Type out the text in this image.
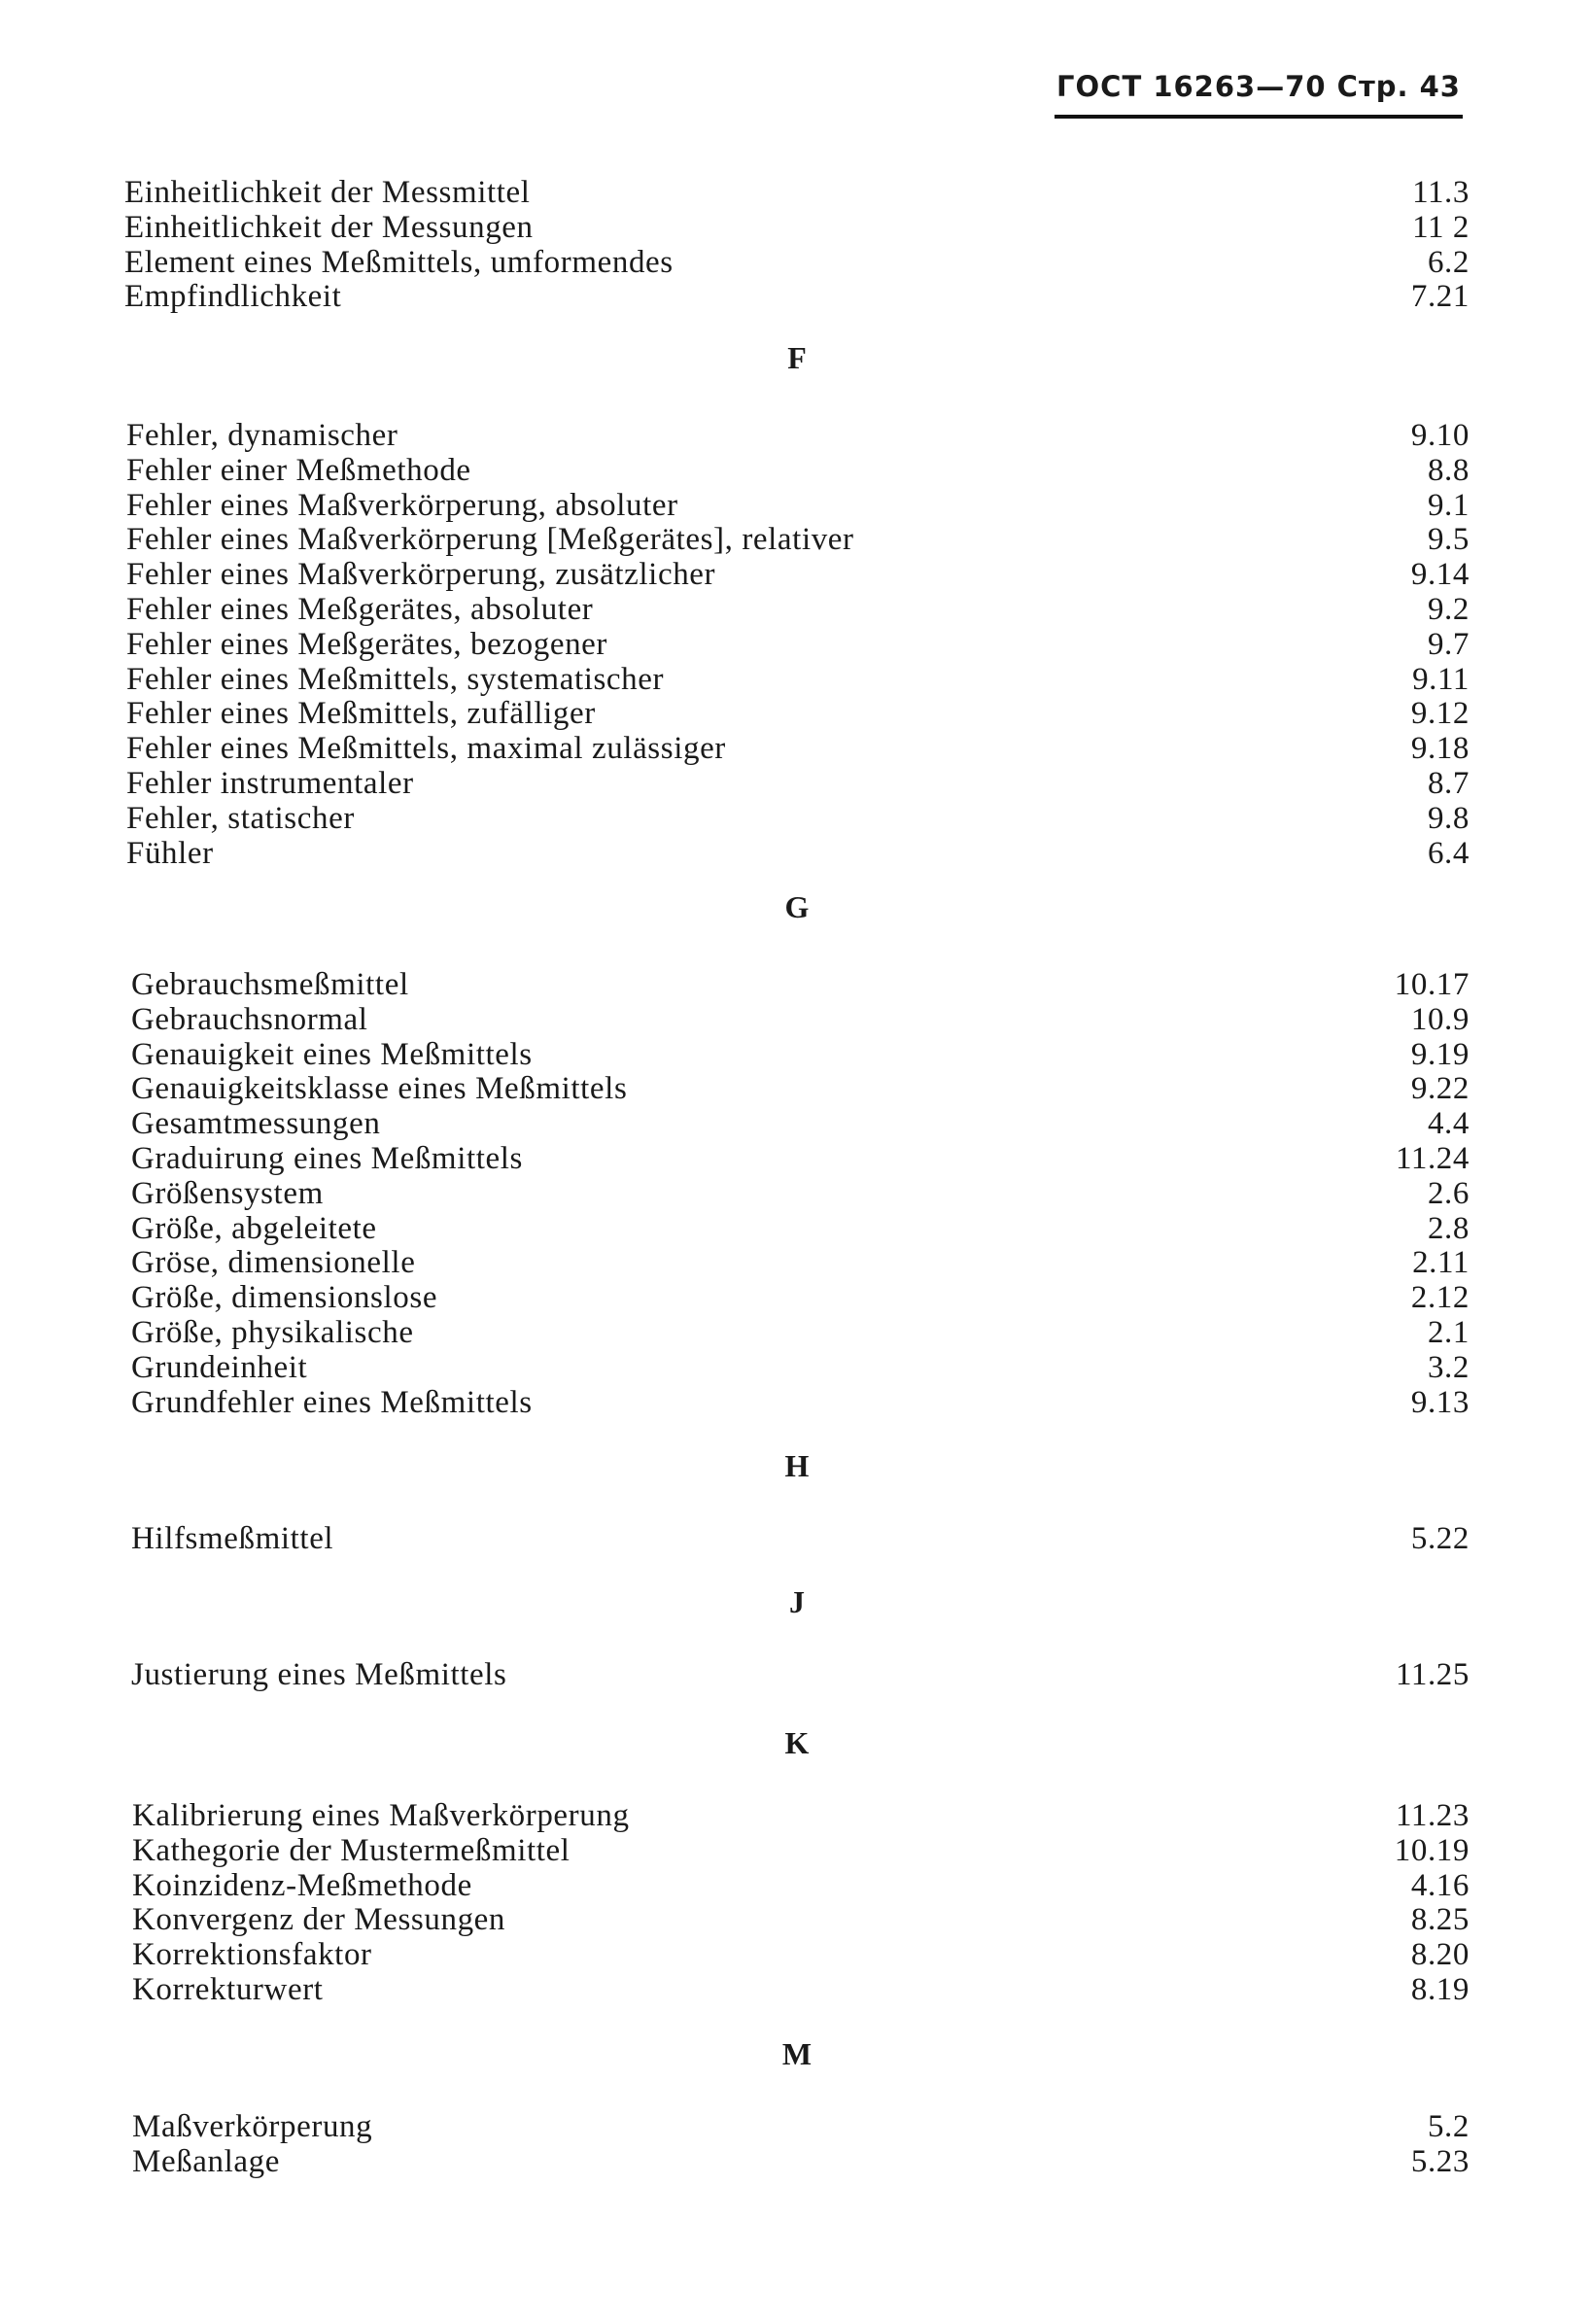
ГОСТ 16263—70 Стр. 43
Einheitlichkeit der Messmittel	11.3
Einheitlichkeit der Messungen	11 2
Element eines Meßmittels, umformendes	6.2
Empfindlichkeit	7.21
F
Fehler, dynamischer	9.10
Fehler einer Meßmethode	8.8
Fehler eines Maßverkörperung, absoluter	9.1
Fehler eines Maßverkörperung [Meßgerätes], relativer	9.5
Fehler eines Maßverkörperung, zusätzlicher	9.14
Fehler eines Meßgerätes, absoluter	9.2
Fehler eines Meßgerätes, bezogener	9.7
Fehler eines Meßmittels, systematischer	9.11
Fehler eines Meßmittels, zufälliger	9.12
Fehler eines Meßmittels, maximal zulässiger	9.18
Fehler instrumentaler	8.7
Fehler, statischer	9.8
Fühler	6.4
G
Gebrauchsmeßmittel	10.17
Gebrauchsnormal	10.9
Genauigkeit eines Meßmittels	9.19
Genauigkeitsklasse eines Meßmittels	9.22
Gesamtmessungen	4.4
Graduirung eines Meßmittels	11.24
Größensystem	2.6
Größe, abgeleitete	2.8
Gröse, dimensionelle	2.11
Größe, dimensionslose	2.12
Größe, physikalische	2.1
Grundeinheit	3.2
Grundfehler eines Meßmittels	9.13
H
Hilfsmeßmittel	5.22
J
Justierung eines Meßmittels	11.25
K
Kalibrierung eines Maßverkörperung	11.23
Kathegorie der Mustermeßmittel	10.19
Koinzidenz-Meßmethode	4.16
Konvergenz der Messungen	8.25
Korrektionsfaktor	8.20
Korrekturwert	8.19
M
Maßverkörperung	5.2
Meßanlage	5.23
